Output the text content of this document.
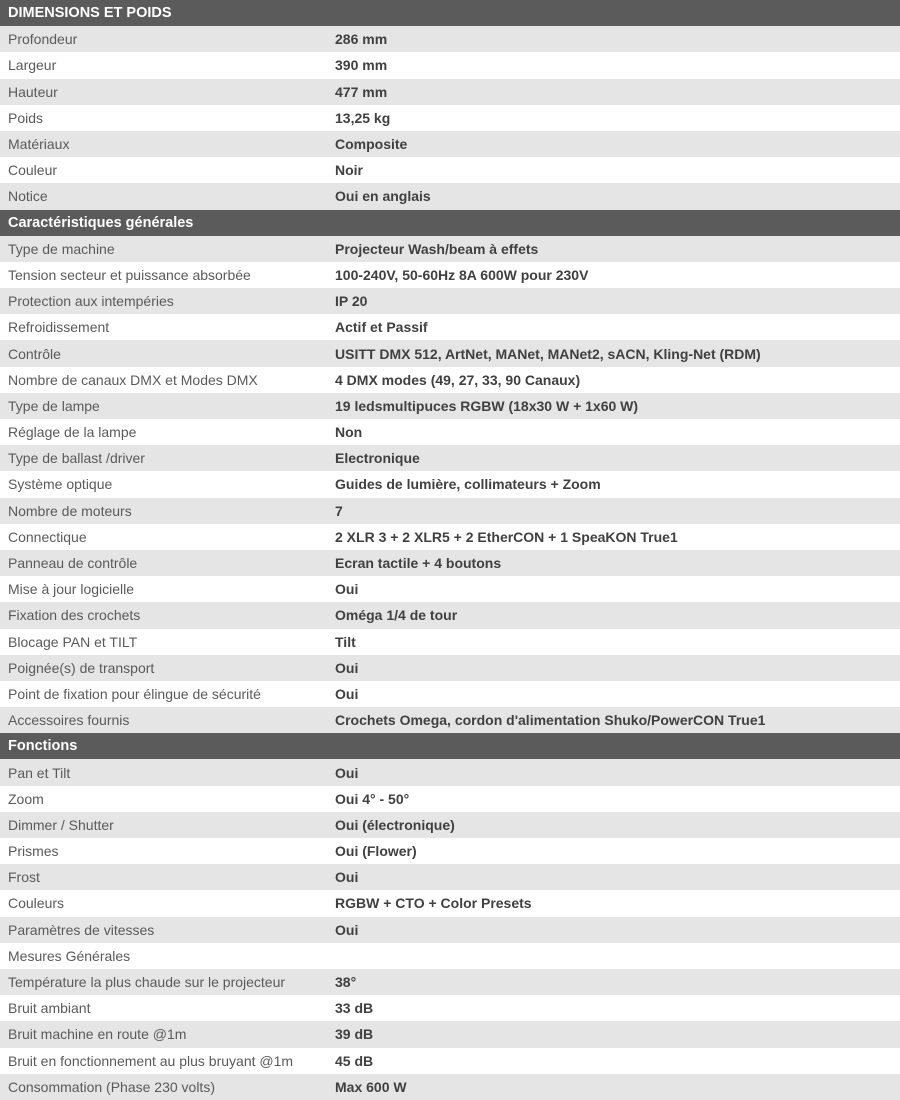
DIMENSIONS ET POIDS
Profondeur	286 mm
Largeur	390 mm
Hauteur	477 mm
Poids	13,25 kg
Matériaux	Composite
Couleur	Noir
Notice	Oui en anglais
Caractéristiques générales
Type de machine	Projecteur Wash/beam à effets
Tension secteur et puissance absorbée	100-240V, 50-60Hz 8A 600W pour 230V
Protection aux intempéries	IP 20
Refroidissement	Actif et Passif
Contrôle	USITT DMX 512, ArtNet, MANet, MANet2, sACN, Kling-Net (RDM)
Nombre de canaux DMX et Modes DMX	4 DMX modes (49, 27, 33, 90 Canaux)
Type de lampe	19 ledsmultipuces RGBW (18x30 W + 1x60 W)
Réglage de la lampe	Non
Type de ballast /driver	Electronique
Système optique	Guides de lumière, collimateurs + Zoom
Nombre de moteurs	7
Connectique	2 XLR 3 + 2 XLR5 + 2 EtherCON + 1 SpeaKON True1
Panneau de contrôle	Ecran tactile + 4 boutons
Mise à jour logicielle	Oui
Fixation des crochets	Oméga 1/4 de tour
Blocage PAN et TILT	Tilt
Poignée(s) de transport	Oui
Point de fixation pour élingue de sécurité	Oui
Accessoires fournis	Crochets Omega, cordon d'alimentation Shuko/PowerCON True1
Fonctions
Pan et Tilt	Oui
Zoom	Oui 4° - 50°
Dimmer / Shutter	Oui (électronique)
Prismes	Oui (Flower)
Frost	Oui
Couleurs	RGBW + CTO + Color Presets
Paramètres de vitesses	Oui
Mesures Générales
Température la plus chaude sur le projecteur	38°
Bruit ambiant	33 dB
Bruit machine en route @1m	39 dB
Bruit en fonctionnement au plus bruyant @1m	45 dB
Consommation (Phase 230 volts)	Max 600 W
